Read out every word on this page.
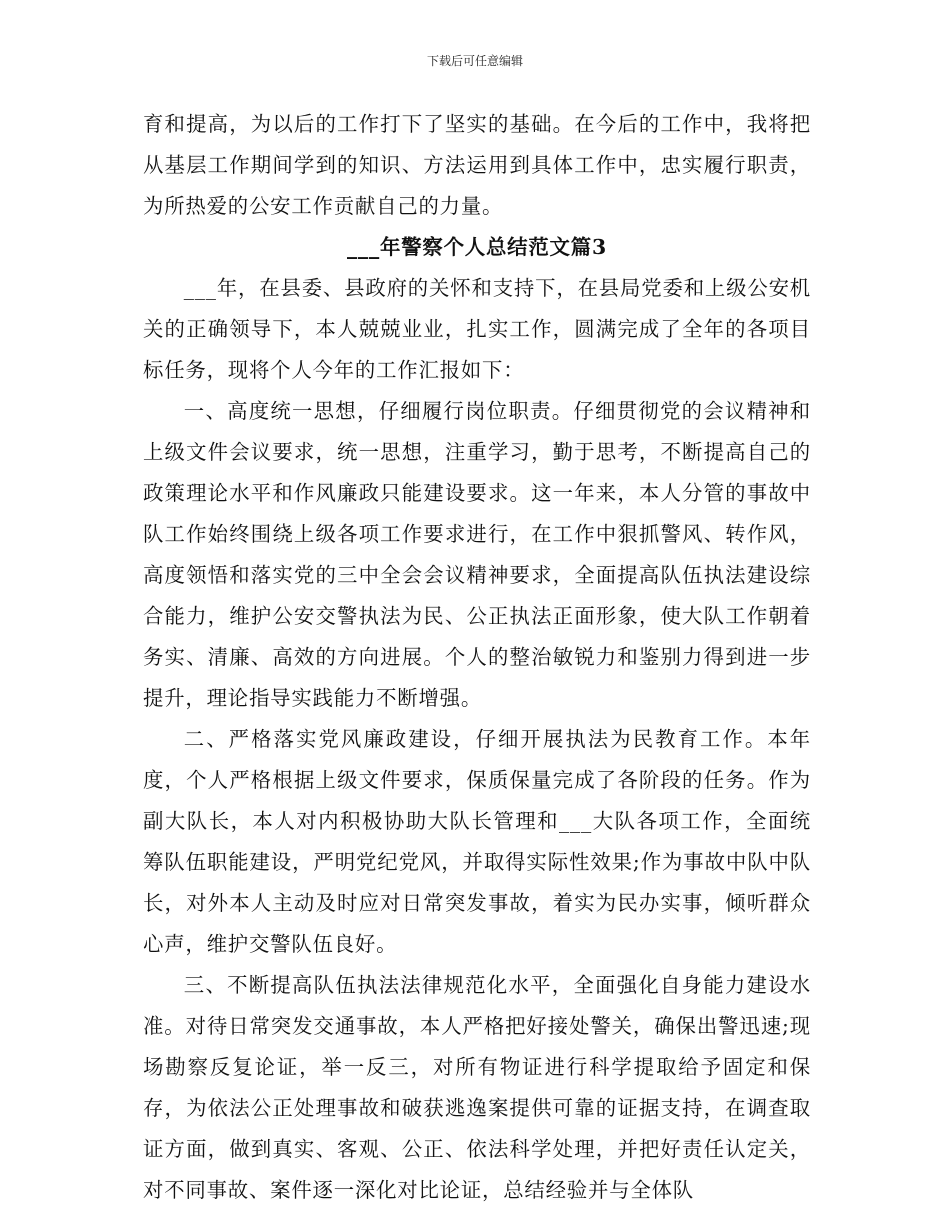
下载后可任意编辑

育和提高，为以后的工作打下了坚实的基础。在今后的工作中，我将把从基层工作期间学到的知识、方法运用到具体工作中，忠实履行职责，为所热爱的公安工作贡献自己的力量。

___年警察个人总结范文篇3

___年，在县委、县政府的关怀和支持下，在县局党委和上级公安机关的正确领导下，本人兢兢业业，扎实工作，圆满完成了全年的各项目标任务，现将个人今年的工作汇报如下：

一、高度统一思想，仔细履行岗位职责。仔细贯彻党的会议精神和上级文件会议要求，统一思想，注重学习，勤于思考，不断提高自己的政策理论水平和作风廉政只能建设要求。这一年来，本人分管的事故中队工作始终围绕上级各项工作要求进行，在工作中狠抓警风、转作风，高度领悟和落实党的三中全会会议精神要求，全面提高队伍执法建设综合能力，维护公安交警执法为民、公正执法正面形象，使大队工作朝着务实、清廉、高效的方向进展。个人的整治敏锐力和鉴别力得到进一步提升，理论指导实践能力不断增强。

二、严格落实党风廉政建设，仔细开展执法为民教育工作。本年度，个人严格根据上级文件要求，保质保量完成了各阶段的任务。作为副大队长，本人对内积极协助大队长管理和___大队各项工作，全面统筹队伍职能建设，严明党纪党风，并取得实际性效果;作为事故中队中队长，对外本人主动及时应对日常突发事故，着实为民办实事，倾听群众心声，维护交警队伍良好。

三、不断提高队伍执法法律规范化水平，全面强化自身能力建设水准。对待日常突发交通事故，本人严格把好接处警关，确保出警迅速;现场勘察反复论证，举一反三，对所有物证进行科学提取给予固定和保存，为依法公正处理事故和破获逃逸案提供可靠的证据支持，在调查取证方面，做到真实、客观、公正、依法科学处理，并把好责任认定关，对不同事故、案件逐一深化对比论证，总结经验并与全体队
